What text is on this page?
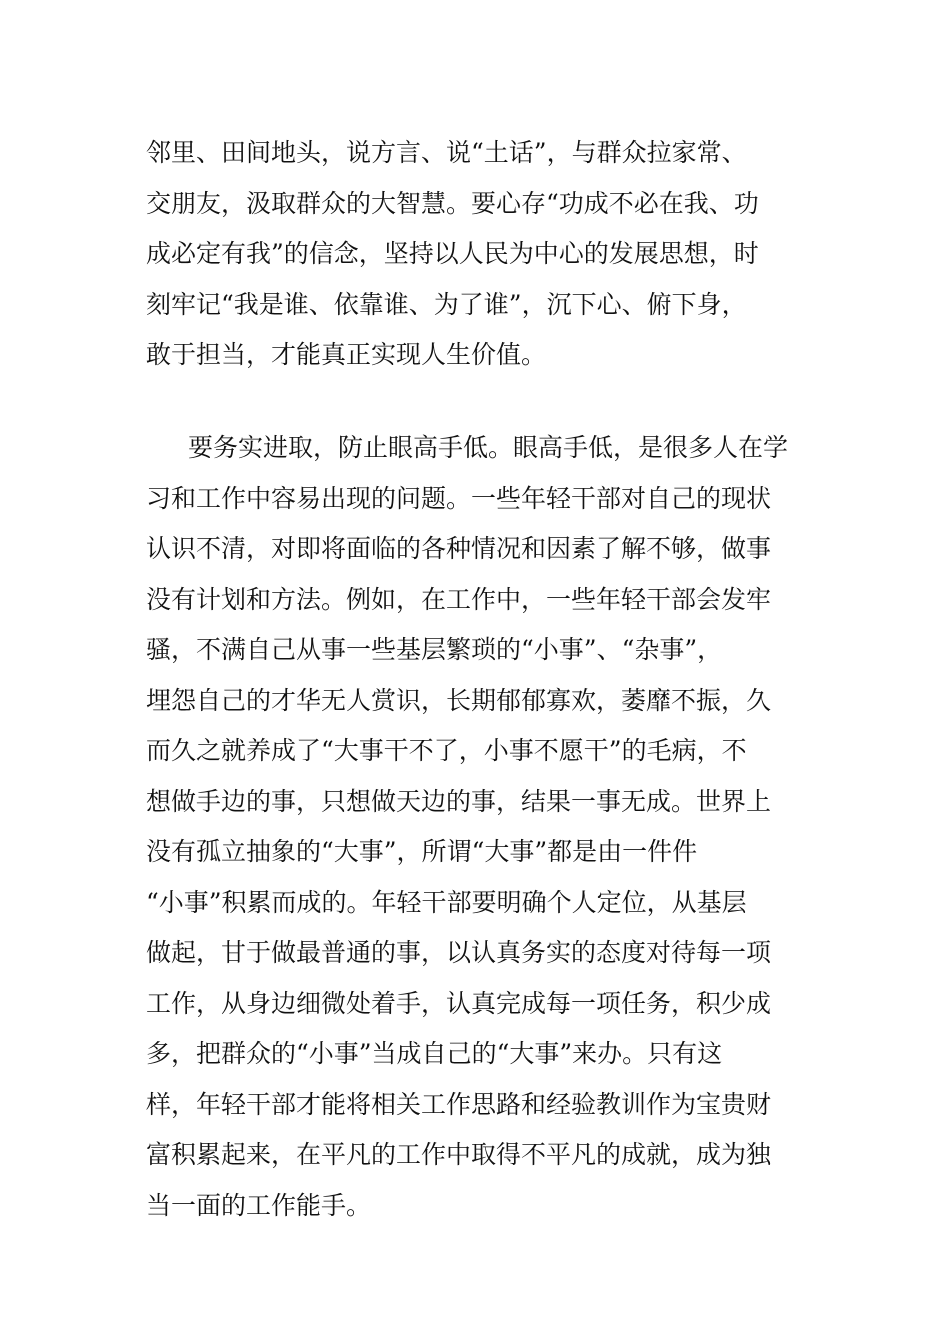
邻里、田间地头，说方言、说“土话”，与群众拉家常、
交朋友，汲取群众的大智慧。要心存“功成不必在我、功
成必定有我”的信念，坚持以人民为中心的发展思想，时
刻牢记“我是谁、依靠谁、为了谁”，沉下心、俯下身，
敢于担当，才能真正实现人生价值。
要务实进取，防止眼高手低。眼高手低，是很多人在学
习和工作中容易出现的问题。一些年轻干部对自己的现状
认识不清，对即将面临的各种情况和因素了解不够，做事
没有计划和方法。例如，在工作中，一些年轻干部会发牢
骚，不满自己从事一些基层繁琐的“小事”、“杂事”，
埋怨自己的才华无人赏识，长期郁郁寡欢，萎靡不振，久
而久之就养成了“大事干不了，小事不愿干”的毛病，不
想做手边的事，只想做天边的事，结果一事无成。世界上
没有孤立抽象的“大事”，所谓“大事”都是由一件件
“小事”积累而成的。年轻干部要明确个人定位，从基层
做起，甘于做最普通的事，以认真务实的态度对待每一项
工作，从身边细微处着手，认真完成每一项任务，积少成
多，把群众的“小事”当成自己的“大事”来办。只有这
样，年轻干部才能将相关工作思路和经验教训作为宝贵财
富积累起来，在平凡的工作中取得不平凡的成就，成为独
当一面的工作能手。
